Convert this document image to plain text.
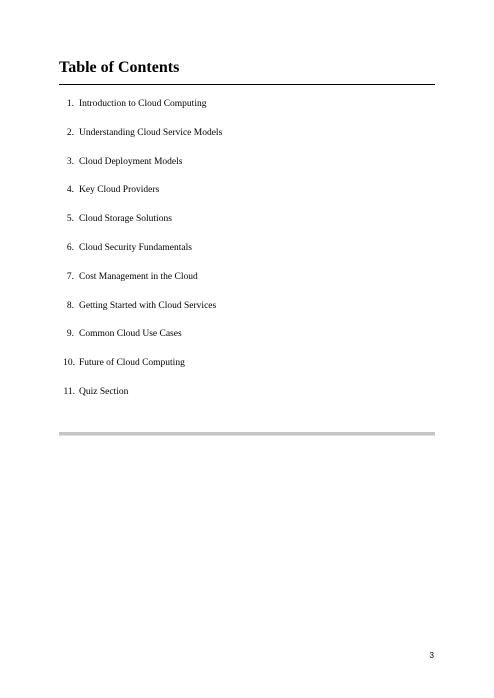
Table of Contents
1. Introduction to Cloud Computing
2. Understanding Cloud Service Models
3. Cloud Deployment Models
4. Key Cloud Providers
5. Cloud Storage Solutions
6. Cloud Security Fundamentals
7. Cost Management in the Cloud
8. Getting Started with Cloud Services
9. Common Cloud Use Cases
10. Future of Cloud Computing
11. Quiz Section
3
